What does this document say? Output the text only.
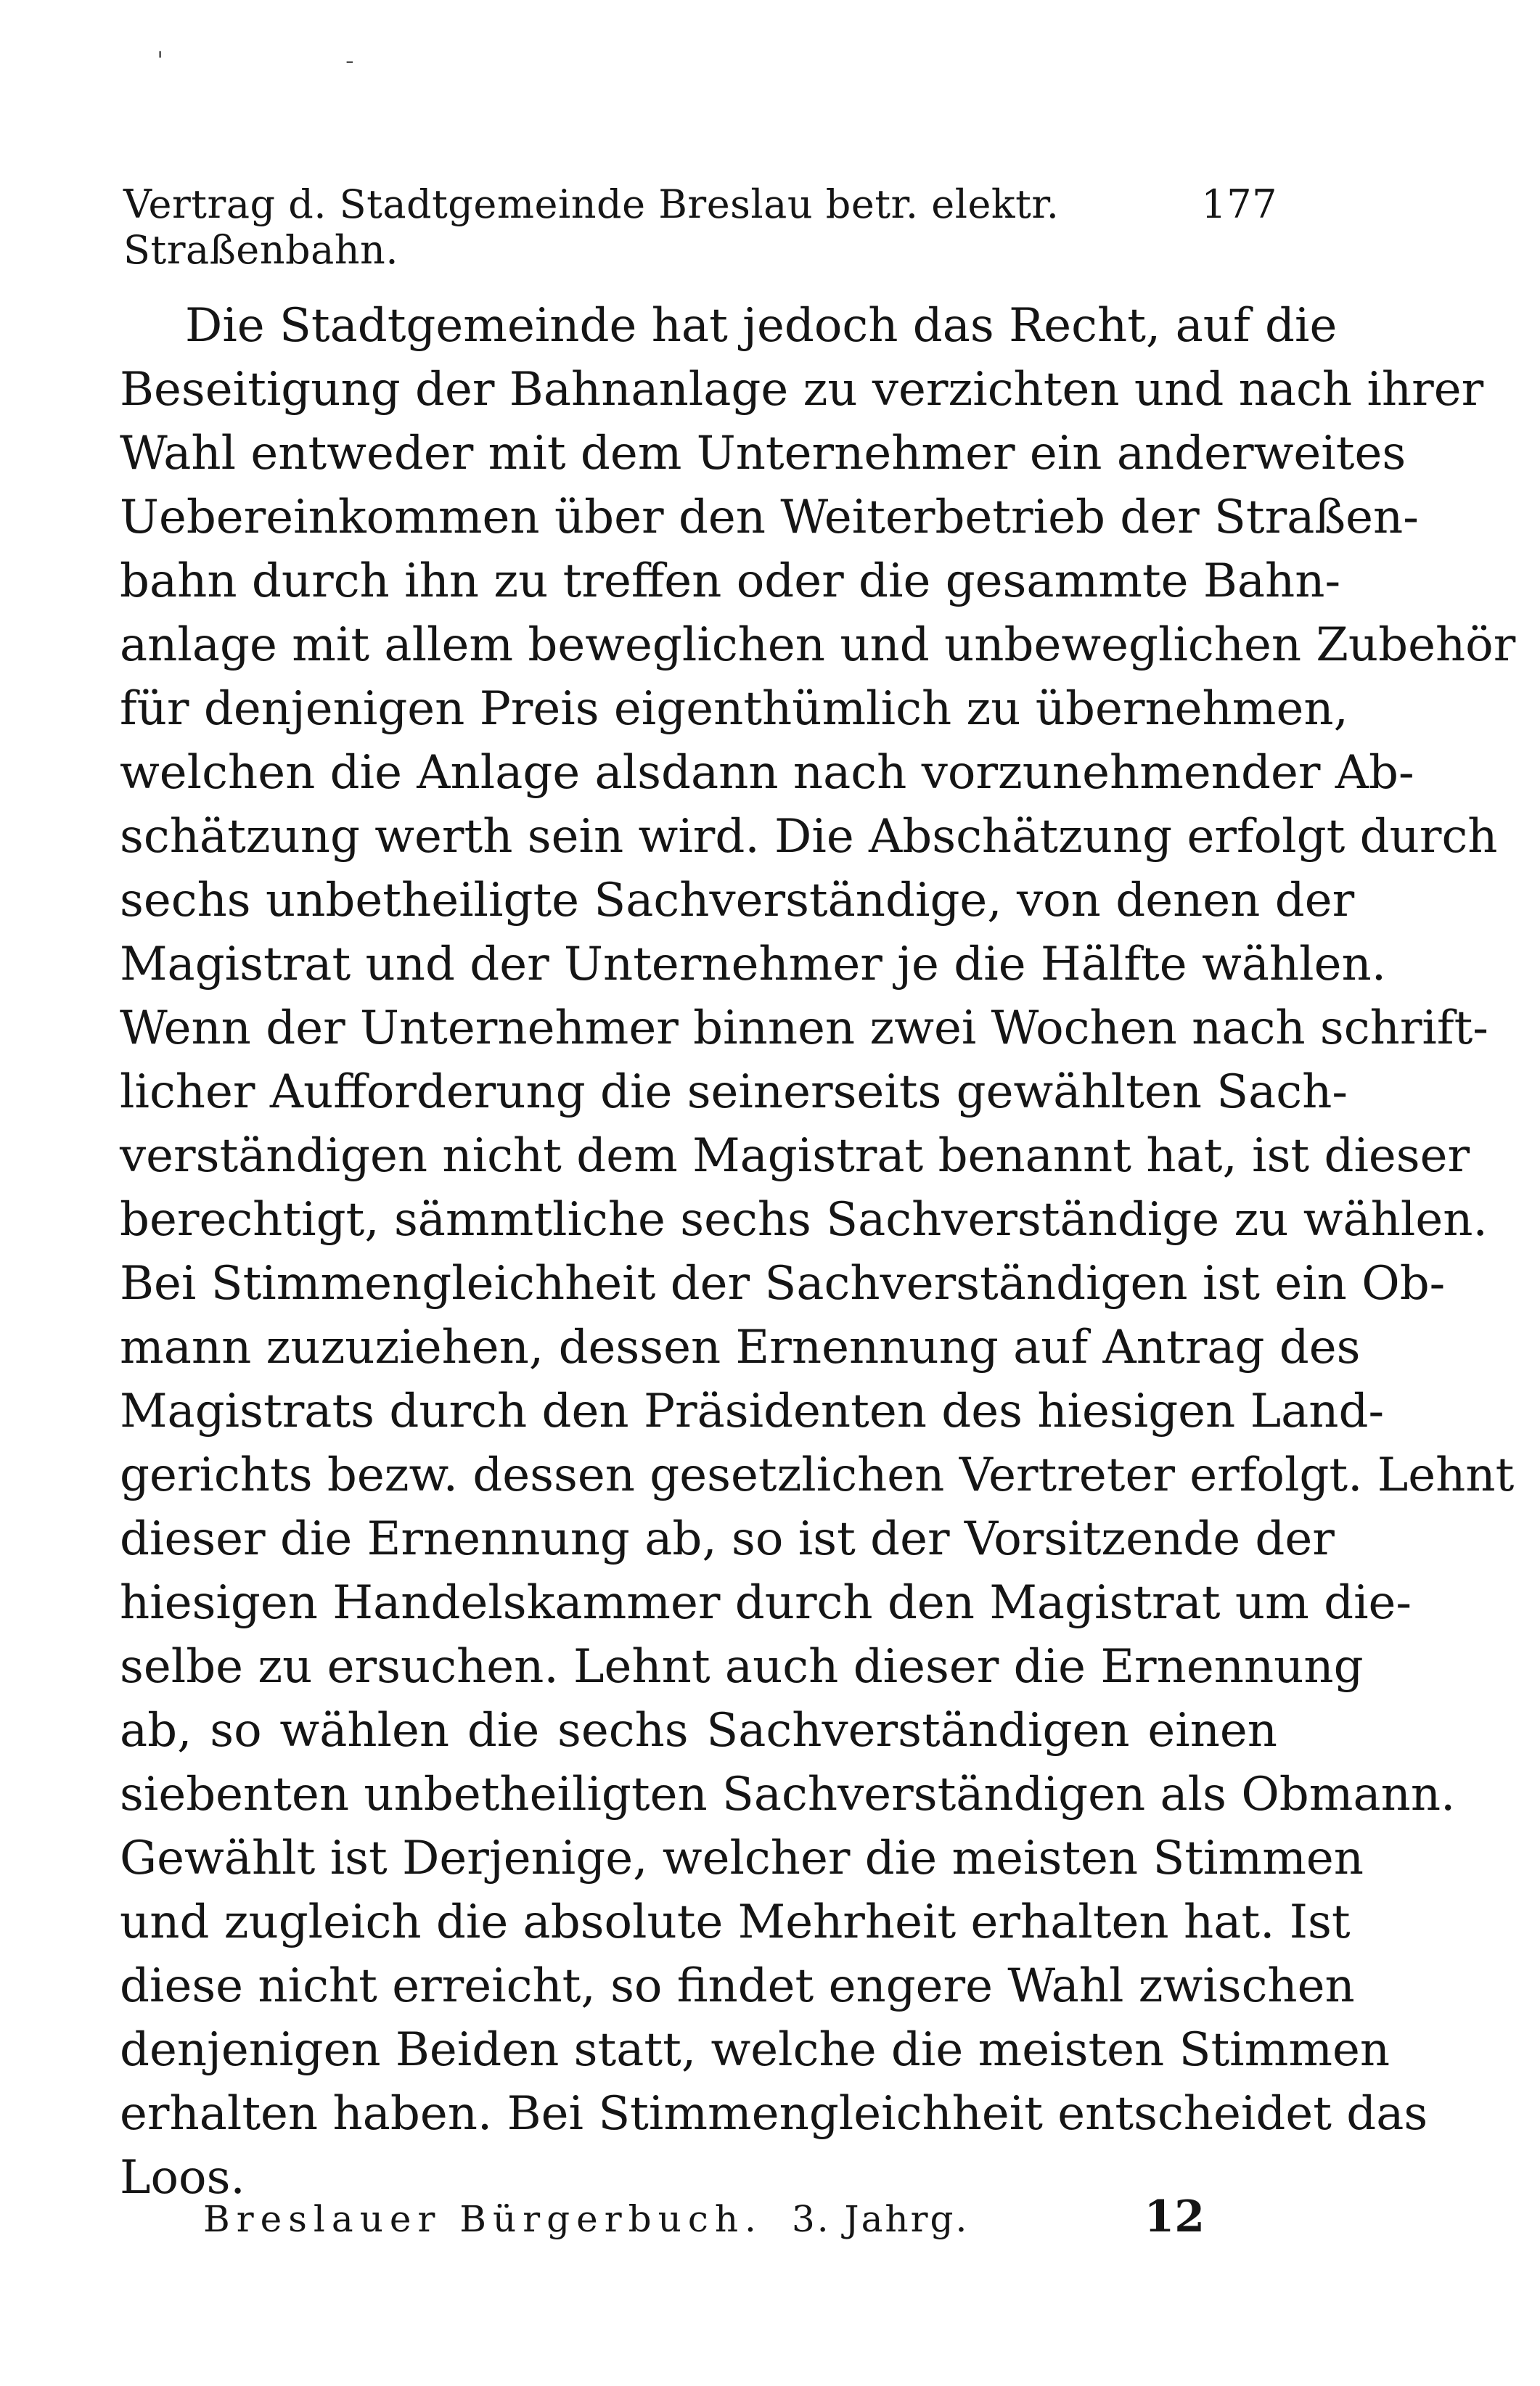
' -
Vertrag d. Stadtgemeinde Breslau betr. elektr. Straßenbahn.
177
Die Stadtgemeinde hat jedoch das Recht, auf die
Beseitigung der Bahnanlage zu verzichten und nach ihrer
Wahl entweder mit dem Unternehmer ein anderweites
Uebereinkommen über den Weiterbetrieb der Straßen-
bahn durch ihn zu treffen oder die gesammte Bahn-
anlage mit allem beweglichen und unbeweglichen Zubehör
für denjenigen Preis eigenthümlich zu übernehmen,
welchen die Anlage alsdann nach vorzunehmender Ab-
schätzung werth sein wird. Die Abschätzung erfolgt durch
sechs unbetheiligte Sachverständige, von denen der
Magistrat und der Unternehmer je die Hälfte wählen.
Wenn der Unternehmer binnen zwei Wochen nach schrift-
licher Aufforderung die seinerseits gewählten Sach-
verständigen nicht dem Magistrat benannt hat, ist dieser
berechtigt, sämmtliche sechs Sachverständige zu wählen.
Bei Stimmengleichheit der Sachverständigen ist ein Ob-
mann zuzuziehen, dessen Ernennung auf Antrag des
Magistrats durch den Präsidenten des hiesigen Land-
gerichts bezw. dessen gesetzlichen Vertreter erfolgt. Lehnt
dieser die Ernennung ab, so ist der Vorsitzende der
hiesigen Handelskammer durch den Magistrat um die-
selbe zu ersuchen. Lehnt auch dieser die Ernennung
ab, so wählen die sechs Sachverständigen einen
siebenten unbetheiligten Sachverständigen als Obmann.
Gewählt ist Derjenige, welcher die meisten Stimmen
und zugleich die absolute Mehrheit erhalten hat. Ist
diese nicht erreicht, so findet engere Wahl zwischen
denjenigen Beiden statt, welche die meisten Stimmen
erhalten haben. Bei Stimmengleichheit entscheidet das
Loos.
Breslauer Bürgerbuch. 3. Jahrg.	12
